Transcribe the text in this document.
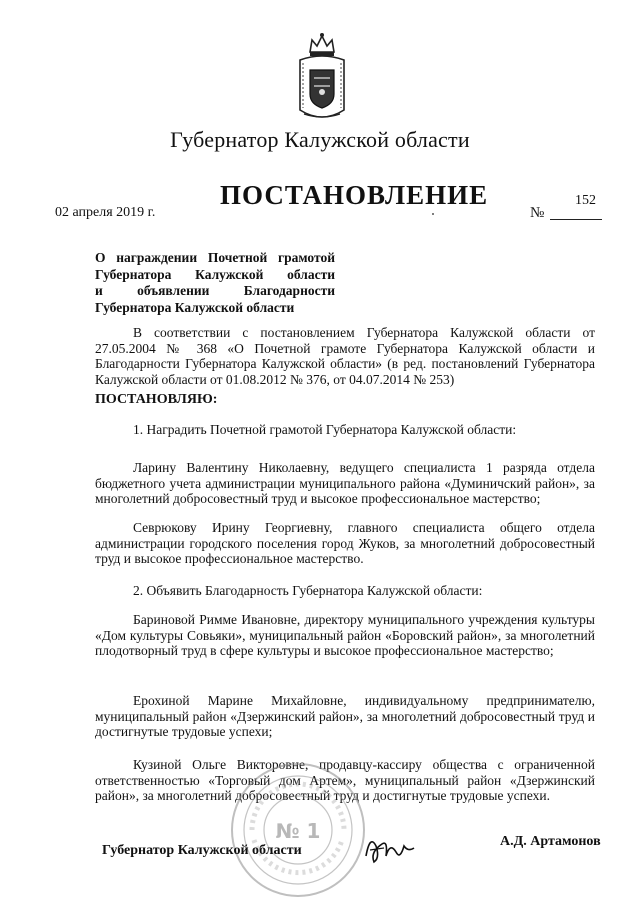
Губернатор Калужской области
ПОСТАНОВЛЕНИЕ
02 апреля 2019 г.	№
152
О награждении Почетной грамотой
Губернатора Калужской области
и объявлении Благодарности
Губернатора Калужской области
В соответствии с постановлением Губернатора Калужской области от 27.05.2004 № 368 «О Почетной грамоте Губернатора Калужской области и Благодарности Губернатора Калужской области» (в ред. постановлений Губернатора Калужской области от 01.08.2012 № 376, от 04.07.2014 № 253)
ПОСТАНОВЛЯЮ:
1. Наградить Почетной грамотой Губернатора Калужской области:
Ларину Валентину Николаевну, ведущего специалиста 1 разряда отдела бюджетного учета администрации муниципального района «Думиничский район», за многолетний добросовестный труд и высокое профессиональное мастерство;
Севрюкову Ирину Георгиевну, главного специалиста общего отдела администрации городского поселения город Жуков, за многолетний добросовестный труд и высокое профессиональное мастерство.
2. Объявить Благодарность Губернатора Калужской области:
Бариновой Римме Ивановне, директору муниципального учреждения культуры «Дом культуры Совьяки», муниципальный район «Боровский район», за многолетний плодотворный труд в сфере культуры и высокое профессиональное мастерство;
Ерохиной Марине Михайловне, индивидуальному предпринимателю, муниципальный район «Дзержинский район», за многолетний добросовестный труд и достигнутые трудовые успехи;
Кузиной Ольге Викторовне, продавцу-кассиру общества с ограниченной ответственностью «Торговый дом Артем», муниципальный район «Дзержинский район», за многолетний добросовестный труд и достигнутые трудовые успехи.
№ 1
Губернатор Калужской области
А.Д. Артамонов
